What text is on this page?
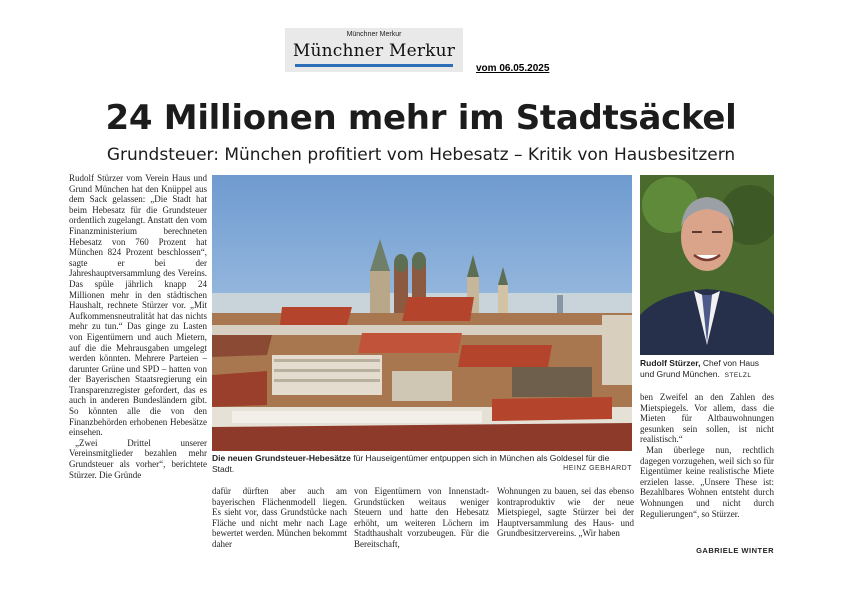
Münchner Merkur
Münchner Merkur
vom 06.05.2025
24 Millionen mehr im Stadtsäckel
Grundsteuer: München profitiert vom Hebesatz – Kritik von Hausbesitzern

Rudolf Stürzer vom Verein Haus und Grund München hat den Knüppel aus dem Sack gelassen: „Die Stadt hat beim Hebesatz für die Grundsteuer ordentlich zugelangt. Anstatt den vom Finanzministerium berechneten Hebesatz von 760 Prozent hat München 824 Prozent beschlossen“, sagte er bei der Jahreshauptversammlung des Vereins. Das spüle jährlich knapp 24 Millionen mehr in den städtischen Haushalt, rechnete Stürzer vor. „Mit Aufkommensneutralität hat das nichts mehr zu tun.“ Das ginge zu Lasten von Eigentümern und auch Mietern, auf die die Mehrausgaben umgelegt werden könnten. Mehrere Parteien – darunter Grüne und SPD – hatten von der Bayerischen Staatsregierung ein Transparenzregister gefordert, das es auch in anderen Bundesländern gibt. So könnten alle die von den Finanzbehörden erhobenen Hebesätze einsehen.

„Zwei Drittel unserer Vereinsmitglieder bezahlen mehr Grundsteuer als vorher“, berichtete Stürzer. Die Gründe

Die neuen Grundsteuer-Hebesätze für Hauseigentümer entpuppen sich in München als Goldesel für die Stadt.	HEINZ GEBHARDT
Rudolf Stürzer, Chef von Haus und Grund München. STELZL

dafür dürften aber auch am bayerischen Flächenmodell liegen. Es sieht vor, dass Grundstücke nach Fläche und nicht mehr nach Lage bewertet werden. München bekommt daher

von Eigentümern von Innenstadt-Grundstücken weitaus weniger Steuern und hatte den Hebesatz erhöht, um weiteren Löchern im Stadthaushalt vorzubeugen. Für die Bereitschaft,

Wohnungen zu bauen, sei das ebenso kontraproduktiv wie der neue Mietspiegel, sagte Stürzer bei der Hauptversammlung des Haus- und Grundbesitzervereins. „Wir haben

ben Zweifel an den Zahlen des Mietspiegels. Vor allem, dass die Mieten für Altbauwohnungen gesunken sein sollen, ist nicht realistisch.“

Man überlege nun, rechtlich dagegen vorzugehen, weil sich so für Eigentümer keine realistische Miete erzielen lasse. „Unsere These ist: Bezahlbares Wohnen entsteht durch Wohnungen und nicht durch Regulierungen“, so Stürzer.

GABRIELE WINTER
